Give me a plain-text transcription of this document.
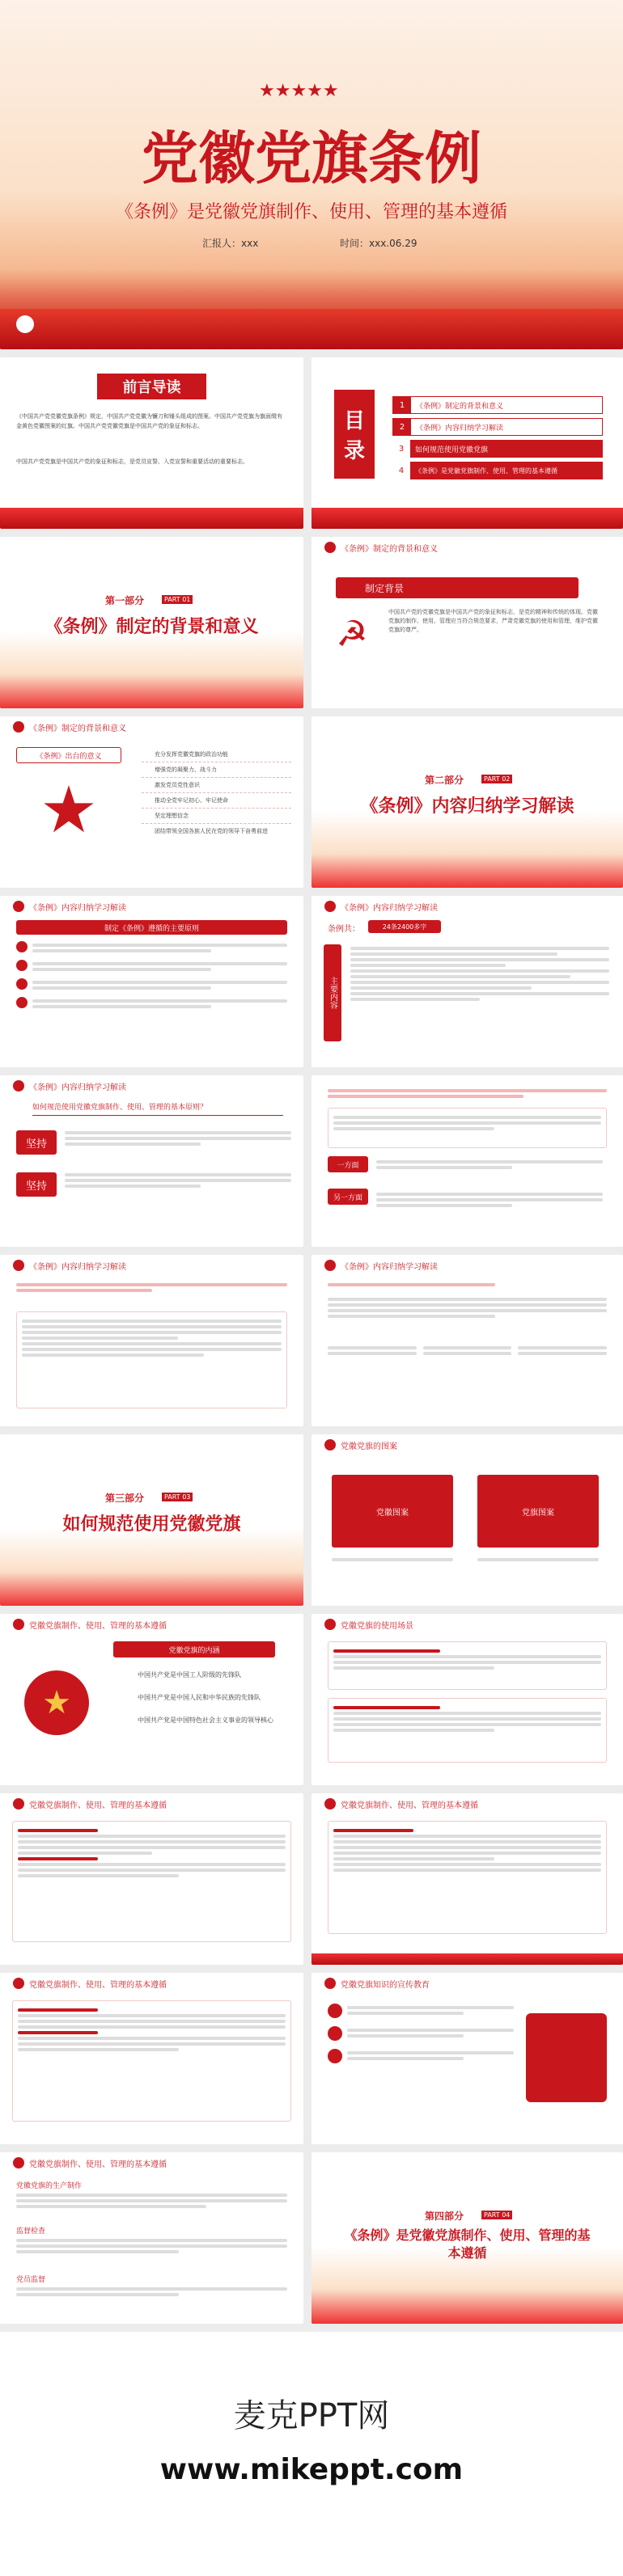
★★★★★
党徽党旗条例
《条例》是党徽党旗制作、使用、管理的基本遵循
汇报人：xxx	时间：xxx.06.29
前言导读
《中国共产党党徽党旗条例》规定，中国共产党党徽为镰刀和锤头组成的图案。中国共产党党旗为旗面缀有金黄色党徽图案的红旗。中国共产党党徽党旗是中国共产党的象征和标志。
中国共产党党旗是中国共产党的象征和标志，是党员宣誓、入党宣誓和重要活动的重要标志。
目
录
1	《条例》制定的背景和意义
2	《条例》内容归纳学习解读
3	如何规范使用党徽党旗
4	《条例》是党徽党旗制作、使用、管理的基本遵循
第一部分	PART 01
《条例》制定的背景和意义
《条例》制定的背景和意义
制定背景
☭
中国共产党的党徽党旗是中国共产党的象征和标志，是党的精神和传统的体现。党徽党旗的制作、使用、管理应当符合规范要求，严肃党徽党旗的使用和管理，维护党徽党旗的尊严。
《条例》制定的背景和意义
《条例》出台的意义
★
充分发挥党徽党旗的政治功能
增强党的凝聚力、战斗力
激发党员党性意识
推动全党牢记初心、牢记使命
坚定理想信念
团结带领全国各族人民在党的领导下奋勇前进
第二部分	PART 02
《条例》内容归纳学习解读
《条例》内容归纳学习解读
制定《条例》遵循的主要原则
《条例》内容归纳学习解读
条例共：	24条2400多字
主要内容
《条例》内容归纳学习解读
如何规范使用党徽党旗制作、使用、管理的基本原则？
坚持
坚持
一方面
另一方面
《条例》内容归纳学习解读	《条例》内容归纳学习解读
第三部分	PART 03
如何规范使用党徽党旗
党徽党旗的图案
党徽图案	党旗图案
党徽党旗制作、使用、管理的基本遵循
★
党徽党旗的内涵
中国共产党是中国工人阶级的先锋队
中国共产党是中国人民和中华民族的先锋队
中国共产党是中国特色社会主义事业的领导核心
党徽党旗的使用场景
党徽党旗制作、使用、管理的基本遵循	党徽党旗制作、使用、管理的基本遵循
党徽党旗制作、使用、管理的基本遵循	党徽党旗知识的宣传教育
党徽党旗制作、使用、管理的基本遵循
党徽党旗的生产制作
监督检查
党员监督
第四部分	PART 04
《条例》是党徽党旗制作、使用、管理的基本遵循
麦克PPT网
www.mikeppt.com
